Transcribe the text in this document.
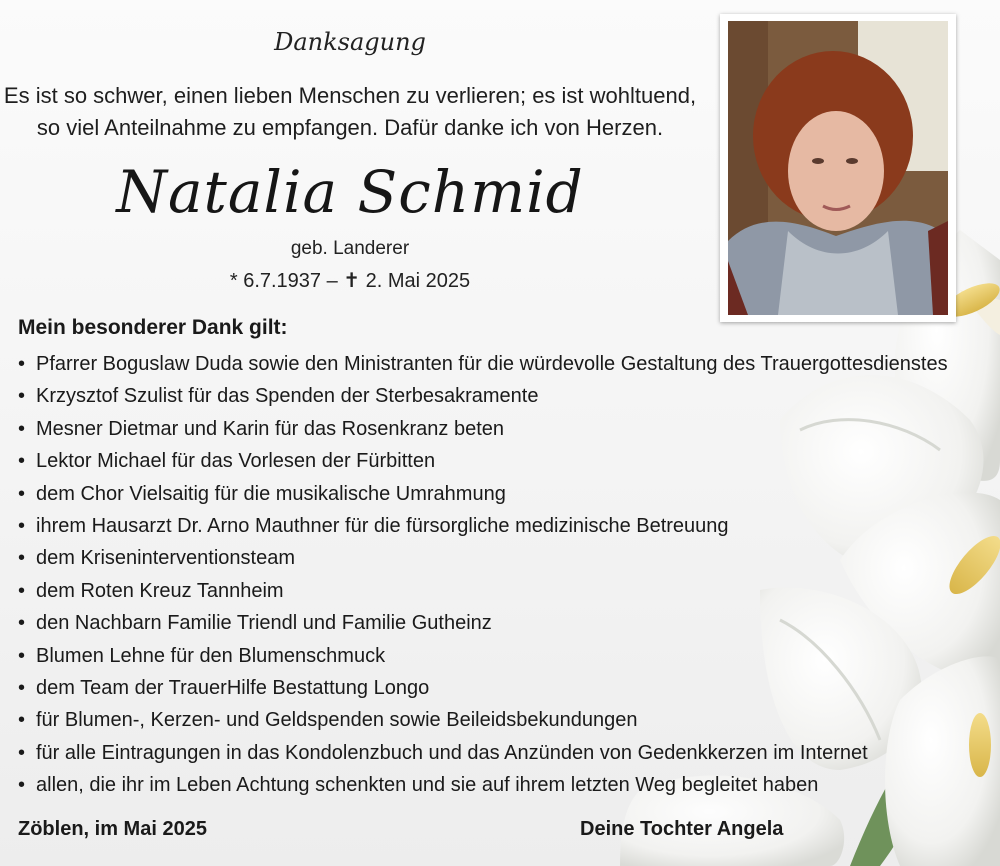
Danksagung
Es ist so schwer, einen lieben Menschen zu verlieren; es ist wohltuend,
so viel Anteilnahme zu empfangen. Dafür danke ich von Herzen.
Natalia Schmid
geb. Landerer
* 6.7.1937 – ✝ 2. Mai 2025
Mein besonderer Dank gilt:
• Pfarrer Boguslaw Duda sowie den Ministranten für die würdevolle Gestaltung des Trauergottesdienstes
• Krzysztof Szulist für das Spenden der Sterbesakramente
• Mesner Dietmar und Karin für das Rosenkranz beten
• Lektor Michael für das Vorlesen der Fürbitten
• dem Chor Vielsaitig für die musikalische Umrahmung
• ihrem Hausarzt Dr. Arno Mauthner für die fürsorgliche medizinische Betreuung
• dem Kriseninterventionsteam
• dem Roten Kreuz Tannheim
• den Nachbarn Familie Triendl und Familie Gutheinz
• Blumen Lehne für den Blumenschmuck
• dem Team der TrauerHilfe Bestattung Longo
• für Blumen-, Kerzen- und Geldspenden sowie Beileidsbekundungen
• für alle Eintragungen in das Kondolenzbuch und das Anzünden von Gedenkkerzen im Internet
• allen, die ihr im Leben Achtung schenkten und sie auf ihrem letzten Weg begleitet haben
Zöblen, im Mai 2025	Deine Tochter Angela
